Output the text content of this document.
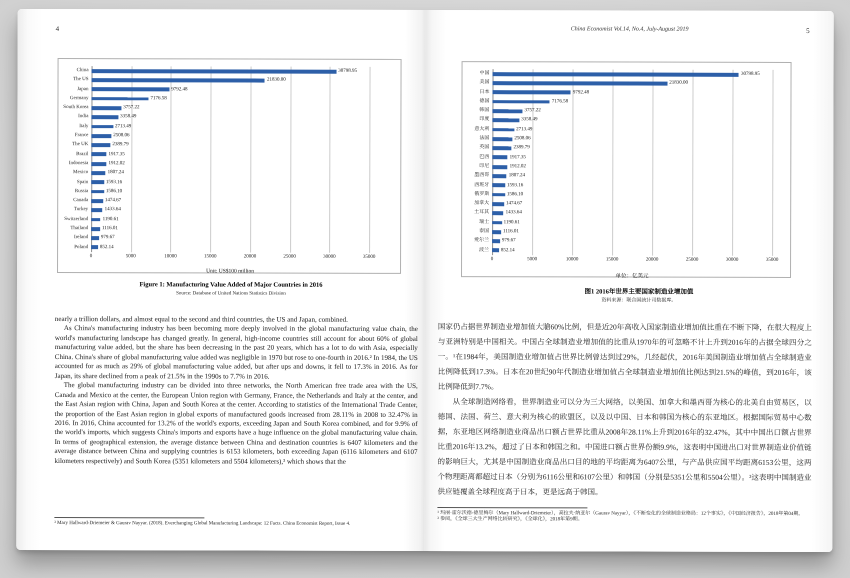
4
China
The US
Japan
Germany
South Korea
India
Italy
France
The UK
Brazil
Indonesia
Mexico
Spain
Russia
Canada
Turkey
Switzerland
Thailand
Ireland
Poland
30798.95
21830.00
9792.48
7176.58
3757.22
3358.49
2713.49
2508.06
2389.79
1917.35
1912.02
1807.24
1593.16
1586.10
1474.67
1433.64
1190.61
1116.01
979.67
852.14
0	5000	10000	15000	20000	25000	30000	35000
Unit: US$100 million
Figure 1: Manufacturing Value Added of Major Countries in 2016
Source: Database of United Nations Statistics Division

nearly a trillion dollars, and almost equal to the second and third countries, the US and Japan, combined.

As China's manufacturing industry has been becoming more deeply involved in the global manufacturing value chain, the world's manufacturing landscape has changed greatly. In general, high-income countries still account for about 60% of global manufacturing value added, but the share has been decreasing in the past 20 years, which has a lot to do with Asia, especially China. China's share of global manufacturing value added was negligible in 1970 but rose to one-fourth in 2016.² In 1984, the US accounted for as much as 29% of global manufacturing value added, but after ups and downs, it fell to 17.3% in 2016. As for Japan, its share declined from a peak of 21.5% in the 1990s to 7.7% in 2016.

The global manufacturing industry can be divided into three networks, the North American free trade area with the US, Canada and Mexico at the center, the European Union region with Germany, France, the Netherlands and Italy at the center, and the East Asian region with China, Japan and South Korea at the center. According to statistics of the International Trade Center, the proportion of the East Asian region in global exports of manufactured goods increased from 28.11% in 2008 to 32.47% in 2016. In 2016, China accounted for 13.2% of the world's exports, exceeding Japan and South Korea combined, and for 9.9% of the world's imports, which suggests China's imports and exports have a huge influence on the global manufacturing value chain. In terms of geographical extension, the average distance between China and destination countries is 6407 kilometers and the average distance between China and supplying countries is 6153 kilometers, both exceeding Japan (6116 kilometers and 6107 kilometers respectively) and South Korea (5351 kilometers and 5504 kilometers),³ which shows that the

² Mary Hallward-Driemeier & Gaurav Nayyar. (2018). Everchanging Global Manufacturing Landscape: 12 Facts. China Economist Report, Issue 4.

China Economist Vol.14, No.4, July-August 2019	5
中国
美国
日本
德国
韩国
印度
意大利
法国
英国
巴西
印尼
墨西哥
西班牙
俄罗斯
加拿大
土耳其
瑞士
泰国
爱尔兰
波兰
30798.95
21830.00
9792.48
7176.58
3757.22
3358.49
2713.49
2508.06
2389.79
1917.35
1912.02
1807.24
1593.16
1586.10
1474.67
1433.64
1190.61
1116.01
979.67
852.14
0	5000	10000	15000	20000	25000	30000	35000
单位：亿美元
图1 2016年世界主要国家制造业增加值
资料来源：联合国统计司数据库。

国家仍占据世界制造业增加值大牄60%比例，但是近20年高收入国家制造业增加值比重在不断下降，在很大程度上与亚洲特别是中国相关。中国占全球制造业增加值的比重从1970年的可忽略不计上升到2016年的占据全球四分之一。¹在1984年，美国制造业增加值占世界比例曾达到过29%，几经起伏，2016年美国制造业增加值占全球制造业比例降低到17.3%。日本在20世纪90年代制造业增加值占全球制造业增加值比例达到21.5%的峰值，到2016年，该比例降低到7.7%。

从全球制造网络看，世界制造业可以分为三大网络，以美国、加拿大和墨西哥为核心的北美自由贸易区，以德国、法国、荷兰、意大利为核心的欧盟区，以及以中国、日本和韩国为核心的东亚地区。根据国际贸易中心数据，东亚地区网络制造业商品出口额占世界比重从2008年28.11%上升到2016年的32.47%，其中中国出口额占世界比重2016年13.2%，超过了日本和韩国之和。中国进口额占世界份额9.9%，这表明中国进出口对世界制造业价值链的影响巨大，尤其是中国制造业商品出口目的地的平均距离为6407公里，与产品供应国平均距离6153公里，这两个物理距离都超过日本（分别为6116公里和6107公里）和韩国（分别是5351公里和5504公里）。²这表明中国制造业供应链覆盖全球程度高于日本，更是远高于韩国。

¹ 玛丽·霍尔沃德-德里梅尔（Mary Hallward-Driemeier），高拉夫·纳亚尔（Gaurav Nayyar），《不断变化的全球制造业格局：12个事实》，《中国经济报告》，2018年第04期。

² 参阅，《全球三大生产网络比较研究》，《全球化》，2018年第9期。
